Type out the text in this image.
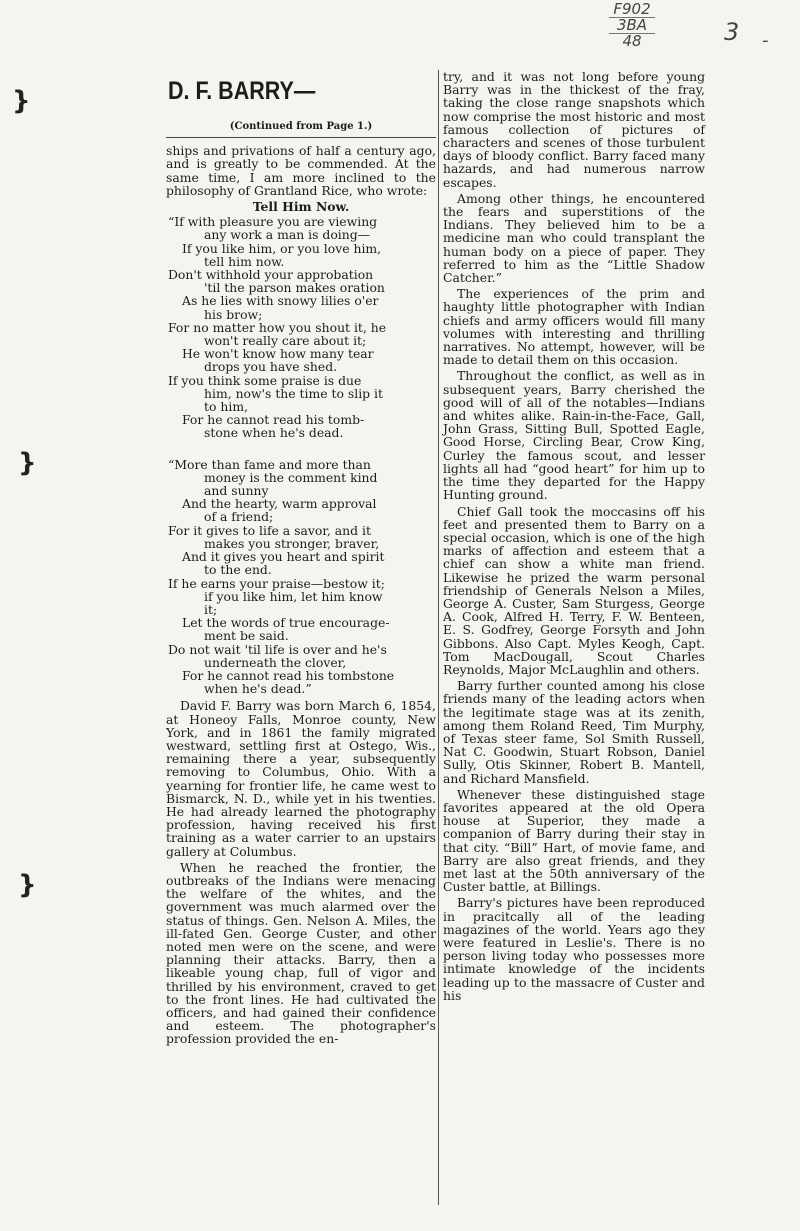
F902
3BA
48	3 -
}
}
}
D. F. BARRY—
(Continued from Page 1.)

ships and privations of half a century ago, and is greatly to be commended. At the same time, I am more inclined to the philosophy of Grantland Rice, who wrote:

Tell Him Now.

“If with pleasure you are viewing
any work a man is doing—
If you like him, or you love him,
tell him now.
Don't withhold your approbation
'til the parson makes oration
As he lies with snowy lilies o'er
his brow;
For no matter how you shout it, he
won't really care about it;
He won't know how many tear
drops you have shed.
If you think some praise is due
him, now's the time to slip it
to him,
For he cannot read his tomb-
stone when he's dead.
“More than fame and more than
money is the comment kind
and sunny
And the hearty, warm approval
of a friend;
For it gives to life a savor, and it
makes you stronger, braver,
And it gives you heart and spirit
to the end.
If he earns your praise—bestow it;
if you like him, let him know
it;
Let the words of true encourage-
ment be said.
Do not wait 'til life is over and he's
underneath the clover,
For he cannot read his tombstone
when he's dead.”

David F. Barry was born March 6, 1854, at Honeoy Falls, Monroe county, New York, and in 1861 the family migrated westward, settling first at Ostego, Wis., remaining there a year, subsequently removing to Columbus, Ohio. With a yearning for frontier life, he came west to Bismarck, N. D., while yet in his twenties. He had already learned the photography profession, having received his first training as a water carrier to an upstairs gallery at Columbus.

When he reached the frontier, the outbreaks of the Indians were menacing the welfare of the whites, and the government was much alarmed over the status of things. Gen. Nelson A. Miles, the ill-fated Gen. George Custer, and other noted men were on the scene, and were planning their attacks. Barry, then a likeable young chap, full of vigor and thrilled by his environment, craved to get to the front lines. He had cultivated the officers, and had gained their confidence and esteem. The photographer's profession provided the en-

try, and it was not long before young Barry was in the thickest of the fray, taking the close range snapshots which now comprise the most historic and most famous collection of pictures of characters and scenes of those turbulent days of bloody conflict. Barry faced many hazards, and had numerous narrow escapes.

Among other things, he encountered the fears and superstitions of the Indians. They believed him to be a medicine man who could transplant the human body on a piece of paper. They referred to him as the “Little Shadow Catcher.”

The experiences of the prim and haughty little photographer with Indian chiefs and army officers would fill many volumes with interesting and thrilling narratives. No attempt, however, will be made to detail them on this occasion.

Throughout the conflict, as well as in subsequent years, Barry cherished the good will of all of the notables—Indians and whites alike. Rain-in-the-Face, Gall, John Grass, Sitting Bull, Spotted Eagle, Good Horse, Circling Bear, Crow King, Curley the famous scout, and lesser lights all had “good heart” for him up to the time they departed for the Happy Hunting ground.

Chief Gall took the moccasins off his feet and presented them to Barry on a special occasion, which is one of the high marks of affection and esteem that a chief can show a white man friend. Likewise he prized the warm personal friendship of Generals Nelson a Miles, George A. Custer, Sam Sturgess, George A. Cook, Alfred H. Terry, F. W. Benteen, E. S. Godfrey, George Forsyth and John Gibbons. Also Capt. Myles Keogh, Capt. Tom MacDougall, Scout Charles Reynolds, Major McLaughlin and others.

Barry further counted among his close friends many of the leading actors when the legitimate stage was at its zenith, among them Roland Reed, Tim Murphy, of Texas steer fame, Sol Smith Russell, Nat C. Goodwin, Stuart Robson, Daniel Sully, Otis Skinner, Robert B. Mantell, and Richard Mansfield.

Whenever these distinguished stage favorites appeared at the old Opera house at Superior, they made a companion of Barry during their stay in that city. “Bill” Hart, of movie fame, and Barry are also great friends, and they met last at the 50th anniversary of the Custer battle, at Billings.

Barry's pictures have been reproduced in pracitcally all of the leading magazines of the world. Years ago they were featured in Leslie's. There is no person living today who possesses more intimate knowledge of the incidents leading up to the massacre of Custer and his
